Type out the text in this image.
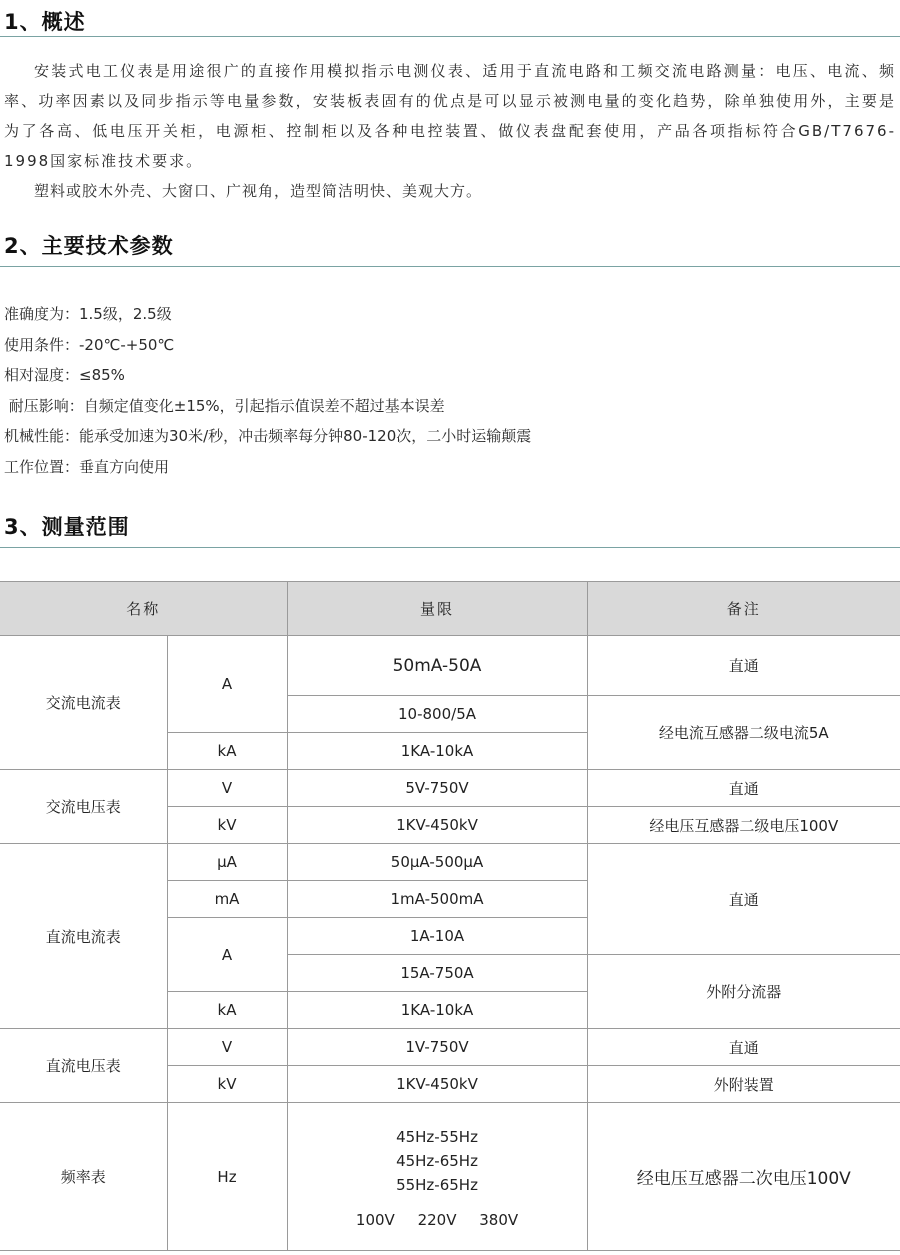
1、概述

安装式电工仪表是用途很广的直接作用模拟指示电测仪表、适用于直流电路和工频交流电路测量：电压、电流、频率、功率因素以及同步指示等电量参数，安装板表固有的优点是可以显示被测电量的变化趋势，除单独使用外，主要是为了各高、低电压开关柜，电源柜、控制柜以及各种电控装置、做仪表盘配套使用，产品各项指标符合GB/T7676-1998国家标准技术要求。

塑料或胶木外壳、大窗口、广视角，造型简洁明快、美观大方。

2、主要技术参数
准确度为：1.5级，2.5级
使用条件：-20℃-+50℃
相对湿度：≤85%
耐压影响：自频定值变化±15%，引起指示值误差不超过基本误差
机械性能：能承受加速为30米/秒，冲击频率每分钟80-120次，二小时运输颠震
工作位置：垂直方向使用
3、测量范围
名称		量限	备注
交流电流表	A	50mA-50A	直通
		10-800/5A	经电流互感器二级电流5A
	kA	1KA-10kA	
交流电压表	V	5V-750V	直通
	kV	1KV-450kV	经电压互感器二级电压100V
直流电流表	μA	50μA-500μA	直通
	mA	1mA-500mA	
	A	1A-10A	
		15A-750A	外附分流器
	kA	1KA-10kA	
直流电压表	V	1V-750V	直通
	kV	1KV-450kV	外附装置
频率表	Hz	45Hz-55Hz
45Hz-65Hz
55Hz-65Hz
100V 220V 380V	经电压互感器二次电压100V
